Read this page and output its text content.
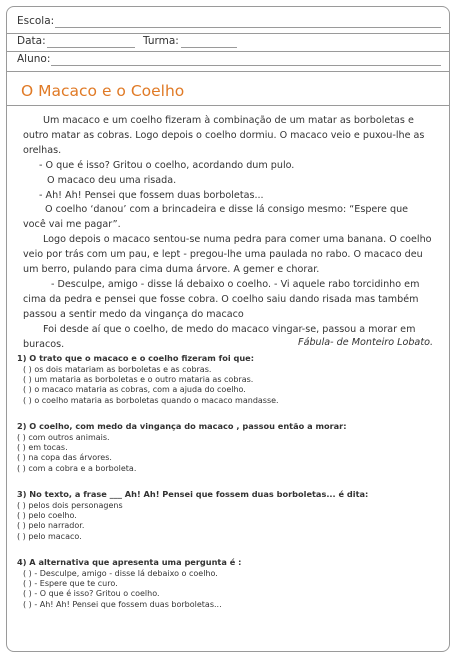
Escola:
Data:	Turma:
Aluno:
O Macaco e o Coelho

Um macaco e um coelho fizeram à combinação de um matar as borboletas e outro matar as cobras. Logo depois o coelho dormiu. O macaco veio e puxou-lhe as orelhas.

- O que é isso? Gritou o coelho, acordando dum pulo.

O macaco deu uma risada.

- Ah! Ah! Pensei que fossem duas borboletas...

O coelho ‘danou’ com a brincadeira e disse lá consigo mesmo: “Espere que você vai me pagar”.

Logo depois o macaco sentou-se numa pedra para comer uma banana. O coelho veio por trás com um pau, e lept - pregou-lhe uma paulada no rabo. O macaco deu um berro, pulando para cima duma árvore. A gemer e chorar.

- Desculpe, amigo - disse lá debaixo o coelho. - Vi aquele rabo torcidinho em cima da pedra e pensei que fosse cobra. O coelho saiu dando risada mas também passou a sentir medo da vingança do macaco

Foi desde aí que o coelho, de medo do macaco vingar-se, passou a morar em buracos.	Fábula- de Monteiro Lobato.
1) O trato que o macaco e o coelho fizeram foi que:
( ) os dois matariam as borboletas e as cobras.
( ) um mataria as borboletas e o outro mataria as cobras.
( ) o macaco mataria as cobras, com a ajuda do coelho.
( ) o coelho mataria as borboletas quando o macaco mandasse.
2) O coelho, com medo da vingança do macaco , passou então a morar:
( ) com outros animais.
( ) em tocas.
( ) na copa das árvores.
( ) com a cobra e a borboleta.
3) No texto, a frase ___ Ah! Ah! Pensei que fossem duas borboletas... é dita:
( ) pelos dois personagens
( ) pelo coelho.
( ) pelo narrador.
( ) pelo macaco.
4) A alternativa que apresenta uma pergunta é :
( ) - Desculpe, amigo - disse lá debaixo o coelho.
( ) - Espere que te curo.
( ) - O que é isso? Gritou o coelho.
( ) - Ah! Ah! Pensei que fossem duas borboletas...
